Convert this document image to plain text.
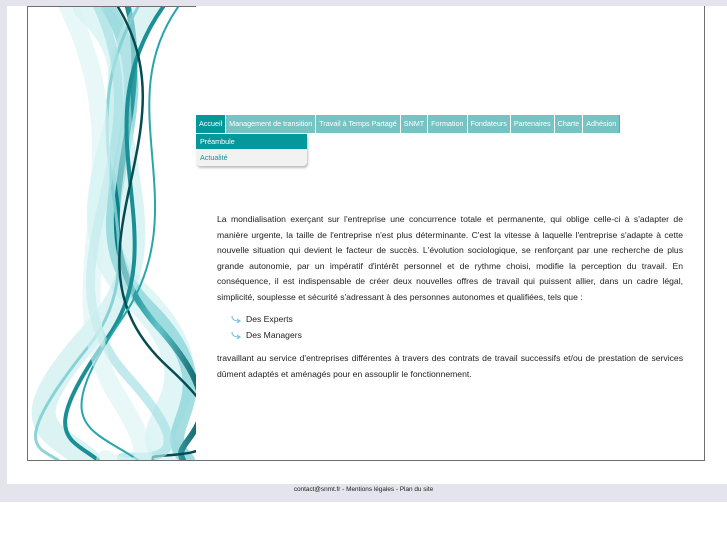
Accueil Management de transition Travail à Temps Partagé SNMT Formation Fondateurs Partenaires Charte Adhésion
Préambule
Actualité

La mondialisation exerçant sur l'entreprise une concurrence totale et permanente, qui oblige celle-ci à s'adapter de manière urgente, la taille de l'entreprise n'est plus déterminante. C'est la vitesse à laquelle l'entreprise s'adapte à cette nouvelle situation qui devient le facteur de succès. L'évolution sociologique, se renforçant par une recherche de plus grande autonomie, par un impératif d'intérêt personnel et de rythme choisi, modifie la perception du travail. En conséquence, il est indispensable de créer deux nouvelles offres de travail qui puissent allier, dans un cadre légal, simplicité, souplesse et sécurité s'adressant à des personnes autonomes et qualifiées, tels que :

Des Experts
Des Managers

travaillant au service d'entreprises différentes à travers des contrats de travail successifs et/ou de prestation de services dûment adaptés et aménagés pour en assouplir le fonctionnement.

contact@snmt.fr - Mentions légales - Plan du site
